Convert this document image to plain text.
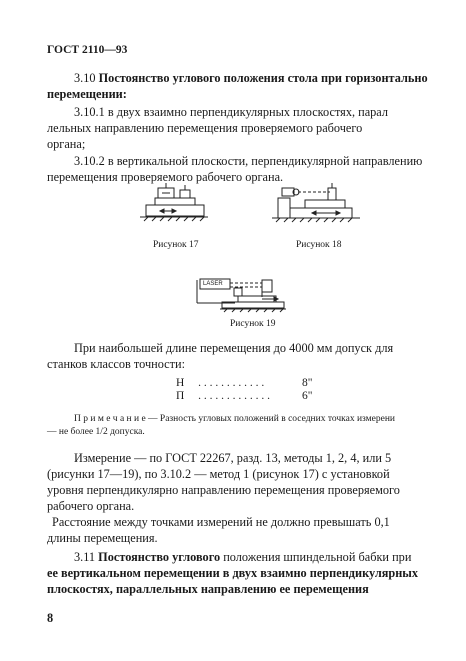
ГОСТ 2110—93
3.10 Постоянство углового положения стола при горизонтально
перемещении:
3.10.1 в двух взаимно перпендикулярных плоскостях, парал
лельных направлению перемещения проверяемого рабочего
органа;
3.10.2 в вертикальной плоскости, перпендикулярной направлению
перемещения проверяемого рабочего органа.
Рисунок 17	Рисунок 18
LASER
Рисунок 19
При наибольшей длине перемещения до 4000 мм допуск для
станков классов точности:
Н . . . . . . . . . . . .	8"
П . . . . . . . . . . . . .	6"
П р и м е ч а н и е — Разность угловых положений в соседних точках измерени
— не более 1/2 допуска.
Измерение — по ГОСТ 22267, разд. 13, методы 1, 2, 4, или 5
(рисунки 17—19), по 3.10.2 — метод 1 (рисунок 17) с установкой
уровня перпендикулярно направлению перемещения проверяемого
рабочего органа.
Расстояние между точками измерений не должно превышать 0,1
длины перемещения.
3.11 Постоянство углового положения шпиндельной бабки при
ее вертикальном перемещении в двух взаимно перпендикулярных
плоскостях, параллельных направлению ее перемещения
8
